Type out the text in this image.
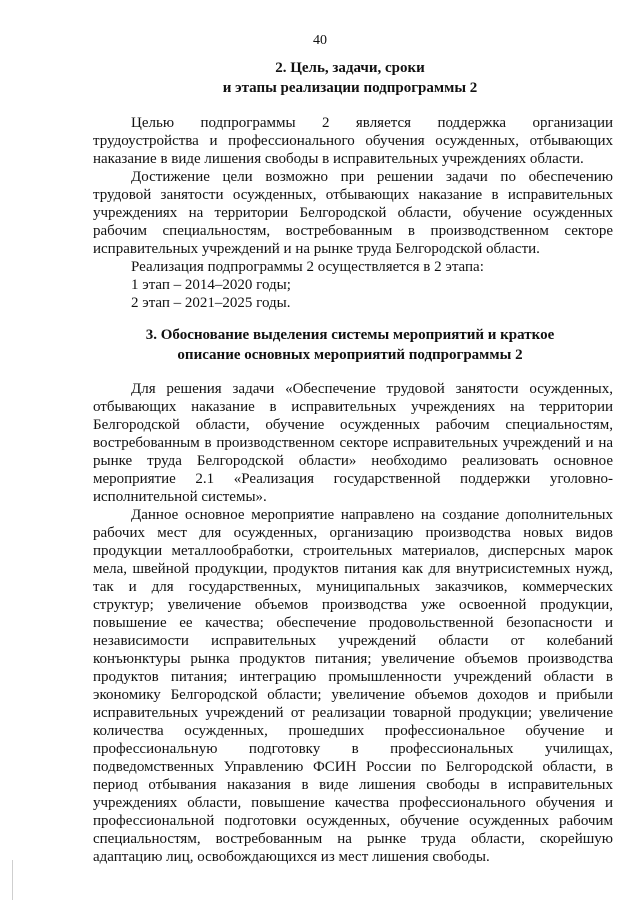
40
2. Цель, задачи, сроки
и этапы реализации подпрограммы 2
Целью подпрограммы 2 является поддержка организации
трудоустройства и профессионального обучения осужденных, отбывающих
наказание в виде лишения свободы в исправительных учреждениях области.
Достижение цели возможно при решении задачи по обеспечению
трудовой занятости осужденных, отбывающих наказание в исправительных
учреждениях на территории Белгородской области, обучение осужденных
рабочим специальностям, востребованным в производственном секторе
исправительных учреждений и на рынке труда Белгородской области.
Реализация подпрограммы 2 осуществляется в 2 этапа:
1 этап – 2014–2020 годы;
2 этап – 2021–2025 годы.
3. Обоснование выделения системы мероприятий и краткое
описание основных мероприятий подпрограммы 2
Для решения задачи «Обеспечение трудовой занятости осужденных,
отбывающих наказание в исправительных учреждениях на территории
Белгородской области, обучение осужденных рабочим специальностям,
востребованным в производственном секторе исправительных учреждений и на
рынке труда Белгородской области» необходимо реализовать основное
мероприятие 2.1 «Реализация государственной поддержки уголовно-
исполнительной системы».
Данное основное мероприятие направлено на создание дополнительных
рабочих мест для осужденных, организацию производства новых видов
продукции металлообработки, строительных материалов, дисперсных марок
мела, швейной продукции, продуктов питания как для внутрисистемных нужд,
так и для государственных, муниципальных заказчиков, коммерческих
структур; увеличение объемов производства уже освоенной продукции,
повышение ее качества; обеспечение продовольственной безопасности и
независимости исправительных учреждений области от колебаний
конъюнктуры рынка продуктов питания; увеличение объемов производства
продуктов питания; интеграцию промышленности учреждений области в
экономику Белгородской области; увеличение объемов доходов и прибыли
исправительных учреждений от реализации товарной продукции; увеличение
количества осужденных, прошедших профессиональное обучение и
профессиональную подготовку в профессиональных училищах,
подведомственных Управлению ФСИН России по Белгородской области, в
период отбывания наказания в виде лишения свободы в исправительных
учреждениях области, повышение качества профессионального обучения и
профессиональной подготовки осужденных, обучение осужденных рабочим
специальностям, востребованным на рынке труда области, скорейшую
адаптацию лиц, освобождающихся из мест лишения свободы.
